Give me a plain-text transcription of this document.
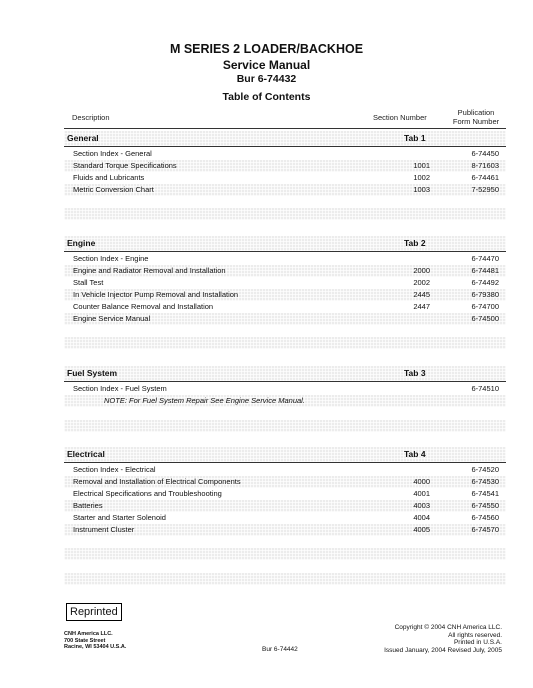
M SERIES 2 LOADER/BACKHOE
Service Manual
Bur 6-74432
Table of Contents
Description	Section Number
Publication
Form Number
General	Tab 1
Section Index - General	6-74450
Standard Torque Specifications	1001	8-71603
Fluids and Lubricants	1002	6-74461
Metric Conversion Chart	1003	7-52950
Engine	Tab 2
Section Index - Engine	6-74470
Engine and Radiator Removal and Installation	2000	6-74481
Stall Test	2002	6-74492
In Vehicle Injector Pump Removal and Installation	2445	6-79380
Counter Balance Removal and Installation	2447	6-74700
Engine Service Manual	6-74500
Fuel System	Tab 3
Section Index - Fuel System	6-74510
NOTE: For Fuel System Repair See Engine Service Manual.
Electrical	Tab 4
Section Index - Electrical	6-74520
Removal and Installation of Electrical Components	4000	6-74530
Electrical Specifications and Troubleshooting	4001	6-74541
Batteries	4003	6-74550
Starter and Starter Solenoid	4004	6-74560
Instrument Cluster	4005	6-74570
Reprinted
CNH America LLC.
700 State Street
Racine, WI 53404 U.S.A.	Bur 6-74442
Copyright © 2004 CNH America LLC.
All rights reserved.
Printed in U.S.A.
Issued January, 2004 Revised July, 2005
